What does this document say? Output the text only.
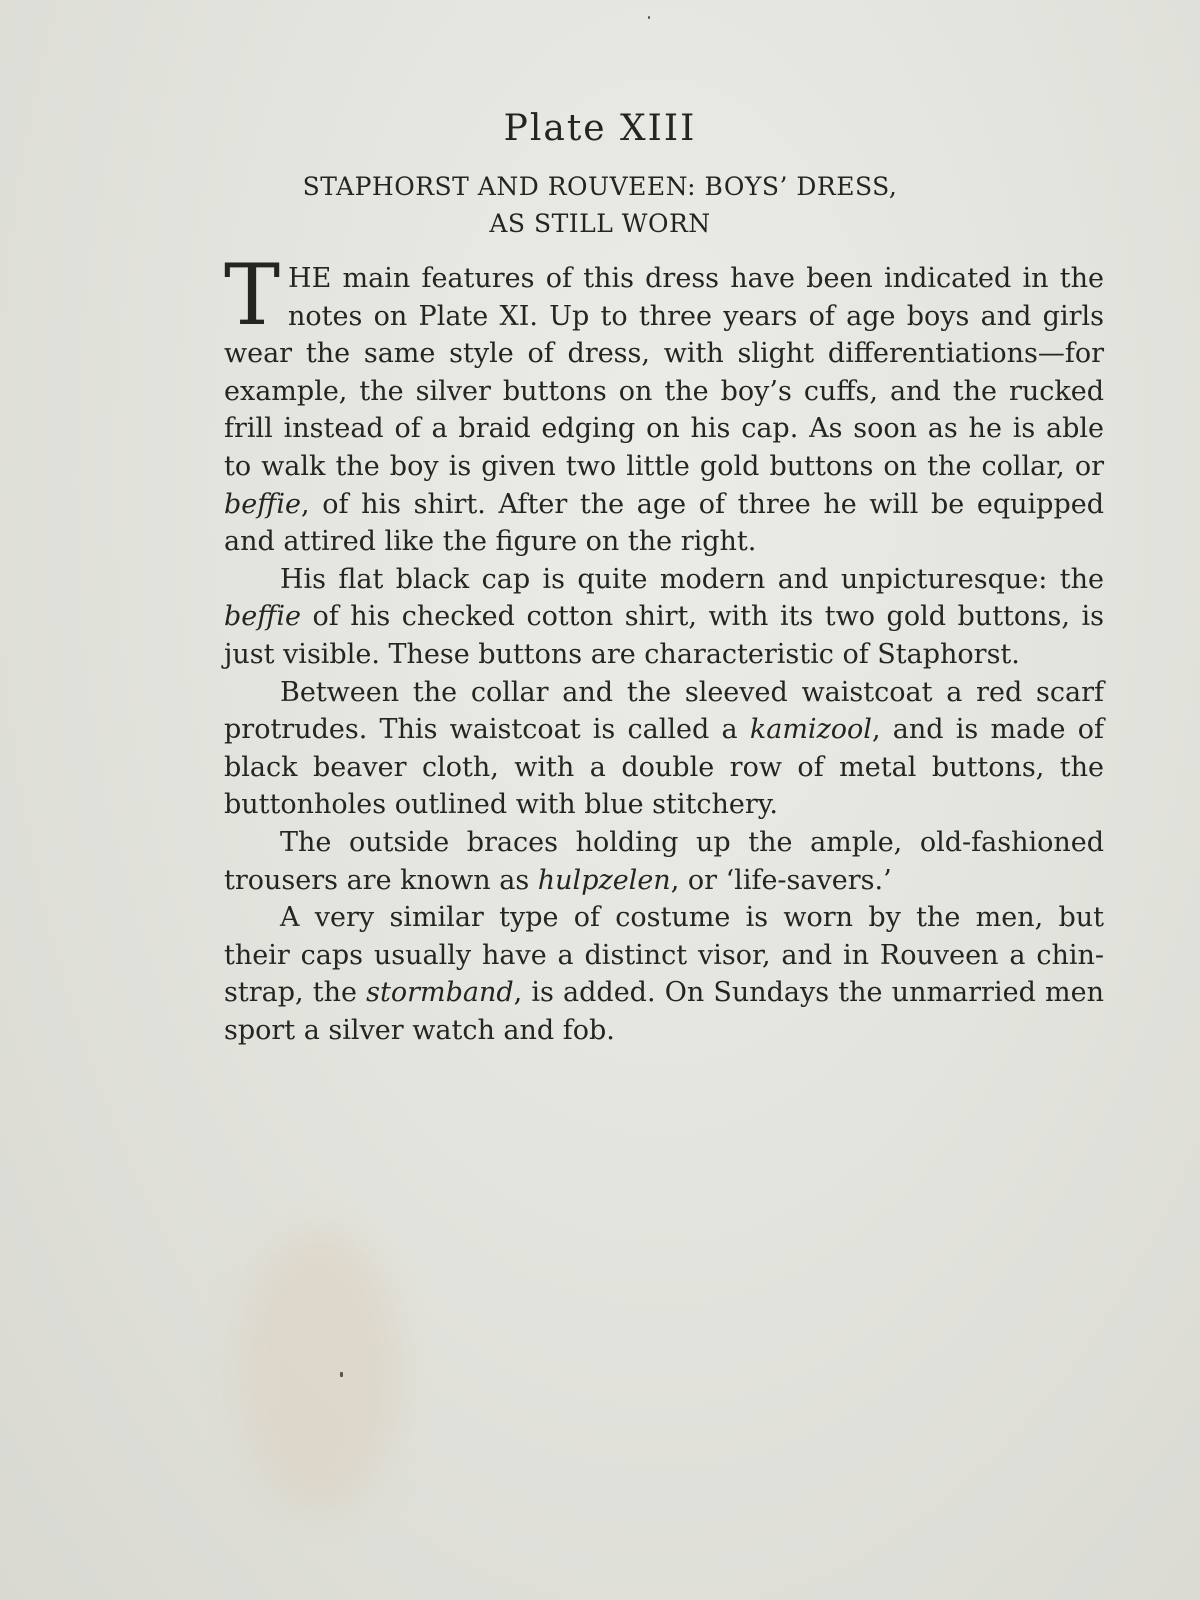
Plate XIII
STAPHORST AND ROUVEEN: BOYS’ DRESS,
AS STILL WORN

THE main features of this dress have been indicated in the notes on Plate XI. Up to three years of age boys and girls wear the same style of dress, with slight differentiations—for example, the silver buttons on the boy’s cuffs, and the rucked frill instead of a braid edging on his cap. As soon as he is able to walk the boy is given two little gold buttons on the collar, or beffie, of his shirt. After the age of three he will be equipped and attired like the figure on the right.

His flat black cap is quite modern and unpicturesque: the beffie of his checked cotton shirt, with its two gold buttons, is just visible. These buttons are characteristic of Staphorst.

Between the collar and the sleeved waistcoat a red scarf protrudes. This waistcoat is called a kamizool, and is made of black beaver cloth, with a double row of metal buttons, the buttonholes outlined with blue stitchery.

The outside braces holding up the ample, old-fashioned trousers are known as hulpzelen, or ‘life-savers.’

A very similar type of costume is worn by the men, but their caps usually have a distinct visor, and in Rouveen a chin-strap, the stormband, is added. On Sundays the unmarried men sport a silver watch and fob.
